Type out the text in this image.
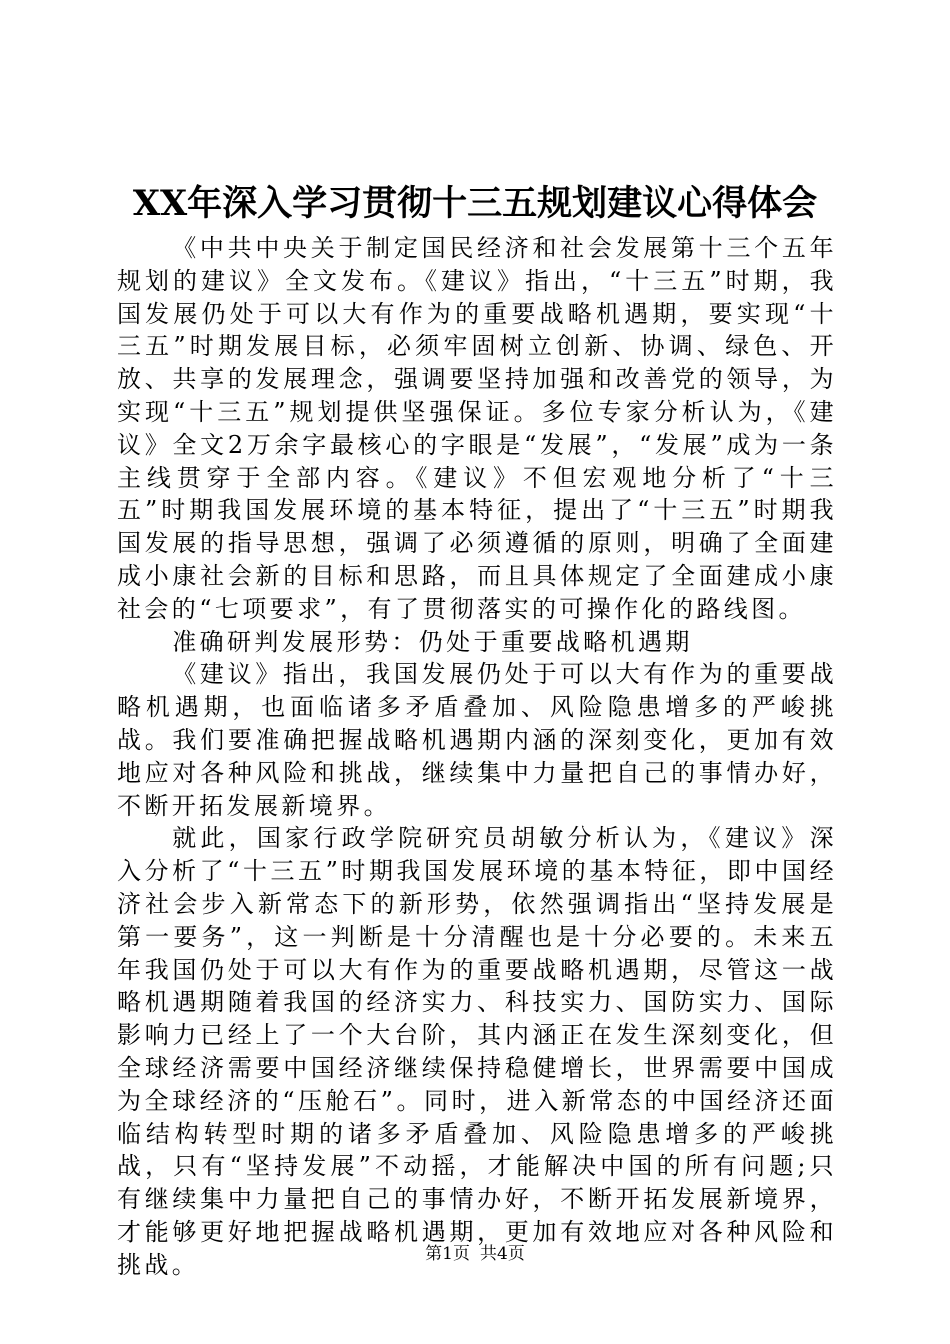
XX年深入学习贯彻十三五规划建议心得体会

《中共中央关于制定国民经济和社会发展第十三个五年规划的建议》全文发布。《建议》指出，“十三五”时期，我国发展仍处于可以大有作为的重要战略机遇期，要实现“十三五”时期发展目标，必须牢固树立创新、协调、绿色、开放、共享的发展理念，强调要坚持加强和改善党的领导，为实现“十三五”规划提供坚强保证。多位专家分析认为，《建议》全文2万余字最核心的字眼是“发展”，“发展”成为一条主线贯穿于全部内容。《建议》不但宏观地分析了“十三五”时期我国发展环境的基本特征，提出了“十三五”时期我国发展的指导思想，强调了必须遵循的原则，明确了全面建成小康社会新的目标和思路，而且具体规定了全面建成小康社会的“七项要求”，有了贯彻落实的可操作化的路线图。

准确研判发展形势：仍处于重要战略机遇期

《建议》指出，我国发展仍处于可以大有作为的重要战略机遇期，也面临诸多矛盾叠加、风险隐患增多的严峻挑战。我们要准确把握战略机遇期内涵的深刻变化，更加有效地应对各种风险和挑战，继续集中力量把自己的事情办好，不断开拓发展新境界。

就此，国家行政学院研究员胡敏分析认为，《建议》深入分析了“十三五”时期我国发展环境的基本特征，即中国经济社会步入新常态下的新形势，依然强调指出“坚持发展是第一要务”，这一判断是十分清醒也是十分必要的。未来五年我国仍处于可以大有作为的重要战略机遇期，尽管这一战略机遇期随着我国的经济实力、科技实力、国防实力、国际影响力已经上了一个大台阶，其内涵正在发生深刻变化，但全球经济需要中国经济继续保持稳健增长，世界需要中国成为全球经济的“压舱石”。同时，进入新常态的中国经济还面临结构转型时期的诸多矛盾叠加、风险隐患增多的严峻挑战，只有“坚持发展”不动摇，才能解决中国的所有问题;只有继续集中力量把自己的事情办好，不断开拓发展新境界，才能够更好地把握战略机遇期，更加有效地应对各种风险和挑战。	第1页 共4页
